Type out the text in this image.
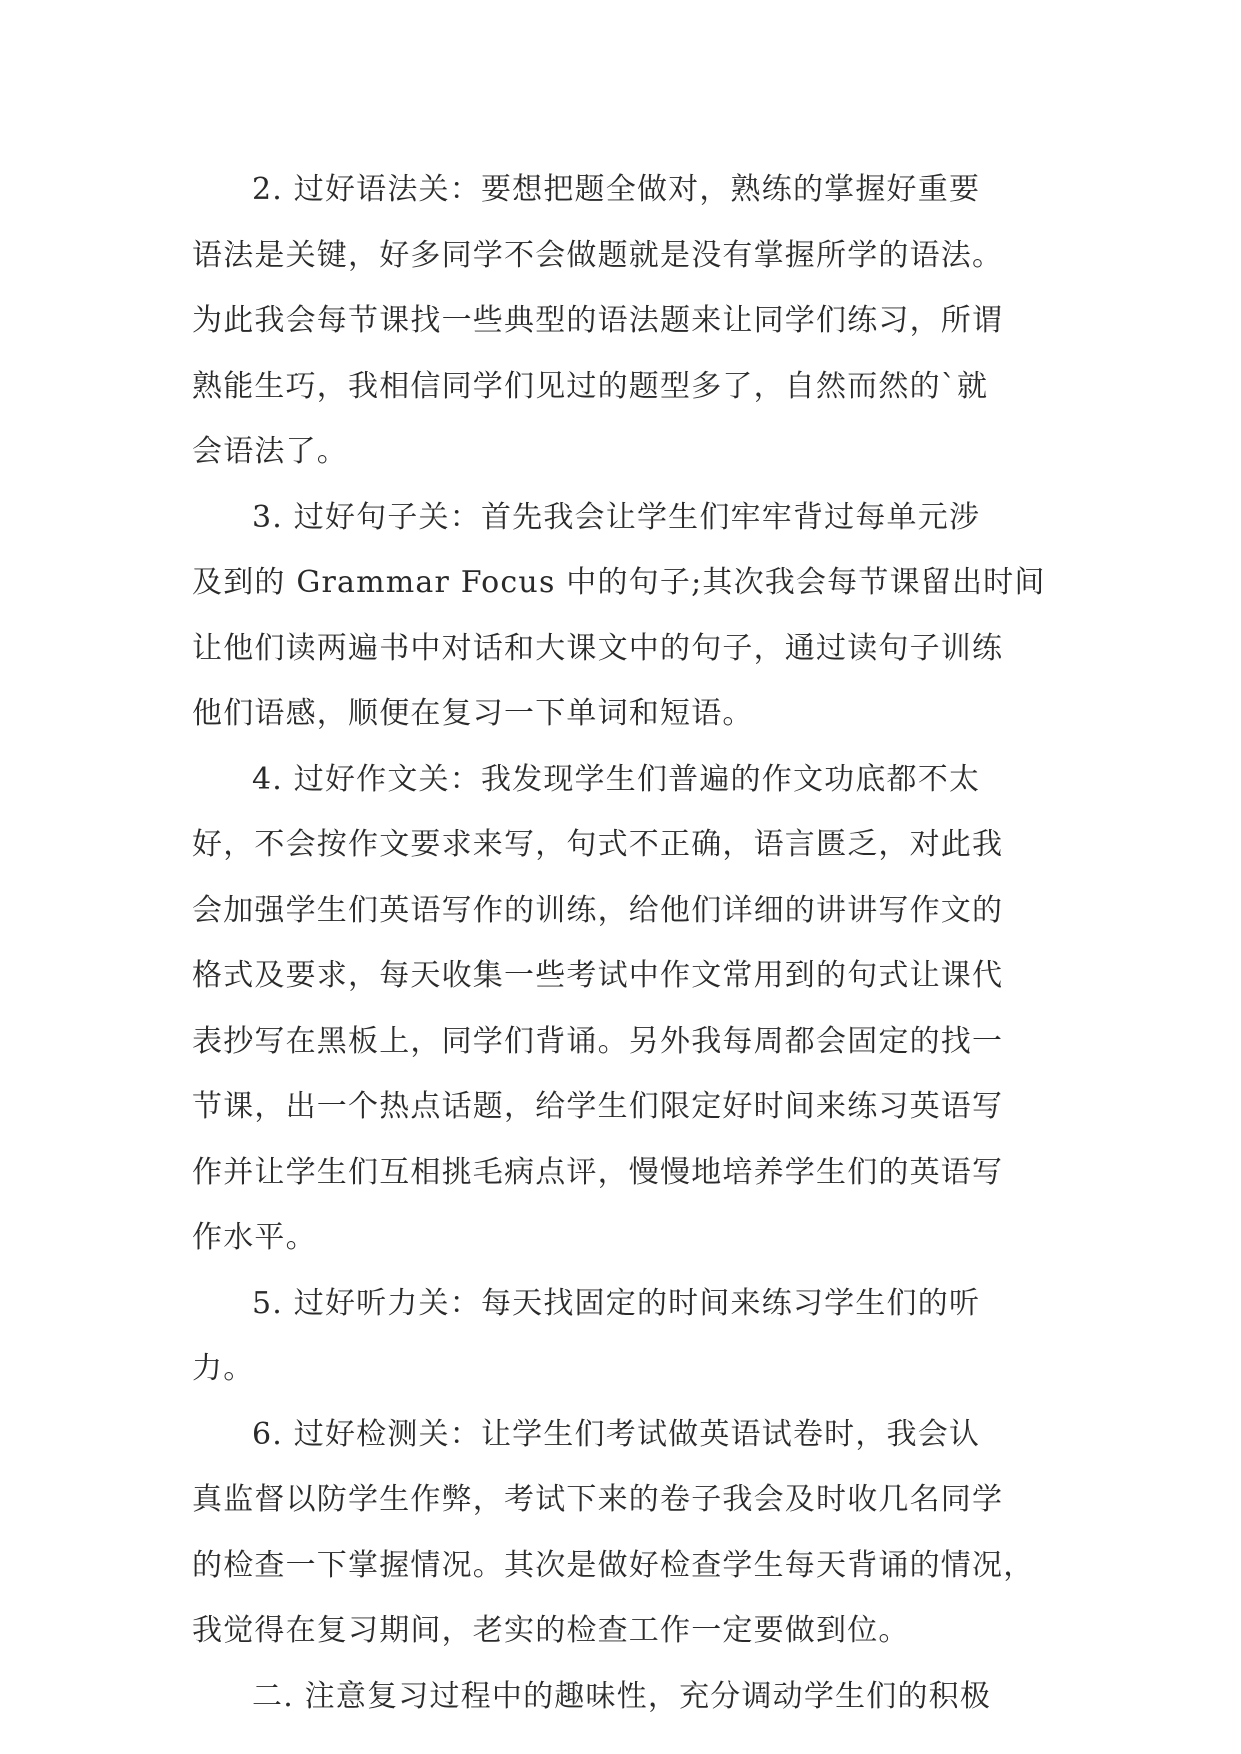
2. 过好语法关：要想把题全做对，熟练的掌握好重要
语法是关键，好多同学不会做题就是没有掌握所学的语法。
为此我会每节课找一些典型的语法题来让同学们练习，所谓
熟能生巧，我相信同学们见过的题型多了，自然而然的`就
会语法了。
3. 过好句子关：首先我会让学生们牢牢背过每单元涉
及到的 Grammar Focus 中的句子;其次我会每节课留出时间
让他们读两遍书中对话和大课文中的句子，通过读句子训练
他们语感，顺便在复习一下单词和短语。
4. 过好作文关：我发现学生们普遍的作文功底都不太
好，不会按作文要求来写，句式不正确，语言匮乏，对此我
会加强学生们英语写作的训练，给他们详细的讲讲写作文的
格式及要求，每天收集一些考试中作文常用到的句式让课代
表抄写在黑板上，同学们背诵。另外我每周都会固定的找一
节课，出一个热点话题，给学生们限定好时间来练习英语写
作并让学生们互相挑毛病点评，慢慢地培养学生们的英语写
作水平。
5. 过好听力关：每天找固定的时间来练习学生们的听
力。
6. 过好检测关：让学生们考试做英语试卷时，我会认
真监督以防学生作弊，考试下来的卷子我会及时收几名同学
的检查一下掌握情况。其次是做好检查学生每天背诵的情况，
我觉得在复习期间，老实的检查工作一定要做到位。
二. 注意复习过程中的趣味性，充分调动学生们的积极
